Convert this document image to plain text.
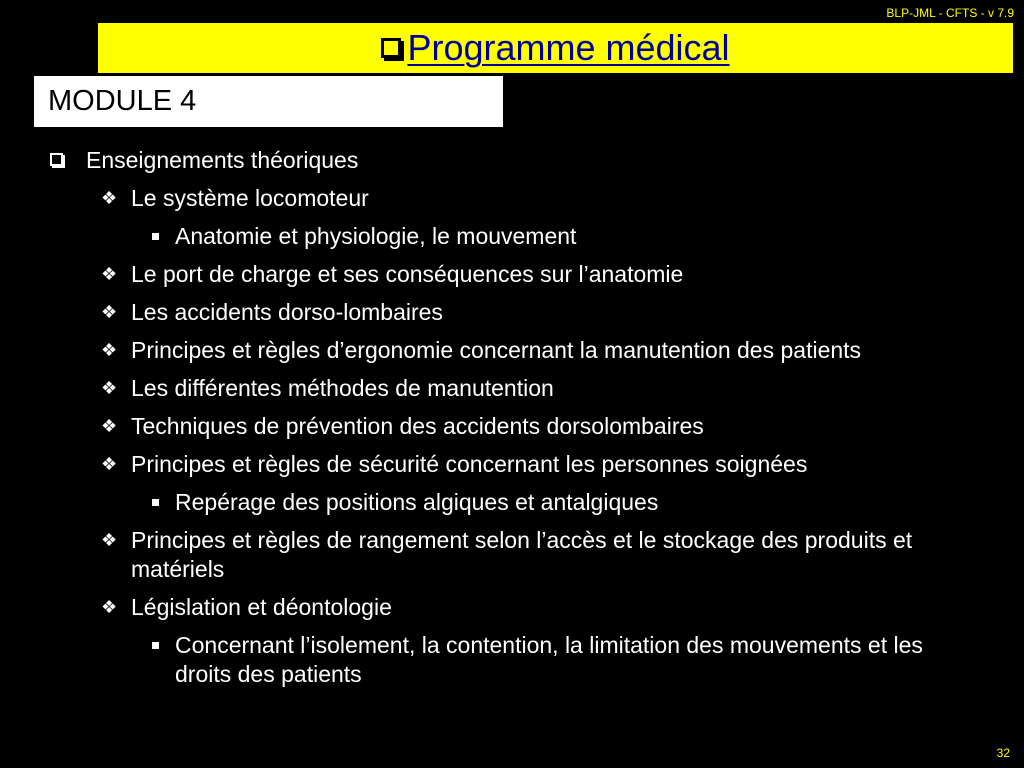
BLP-JML - CFTS - v 7.9
Programme médical
MODULE 4
Enseignements théoriques
❖ Le système locomoteur
Anatomie et physiologie, le mouvement
❖ Le port de charge et ses conséquences sur l’anatomie
❖ Les accidents dorso-lombaires
❖ Principes et règles d’ergonomie concernant la manutention des patients
❖ Les différentes méthodes de manutention
❖ Techniques de prévention des accidents dorsolombaires
❖ Principes et règles de sécurité concernant les personnes soignées
Repérage des positions algiques et antalgiques
❖ Principes et règles de rangement selon l’accès et le stockage des produits et matériels
❖ Législation et déontologie
Concernant l’isolement, la contention, la limitation des mouvements et les droits des patients
32
